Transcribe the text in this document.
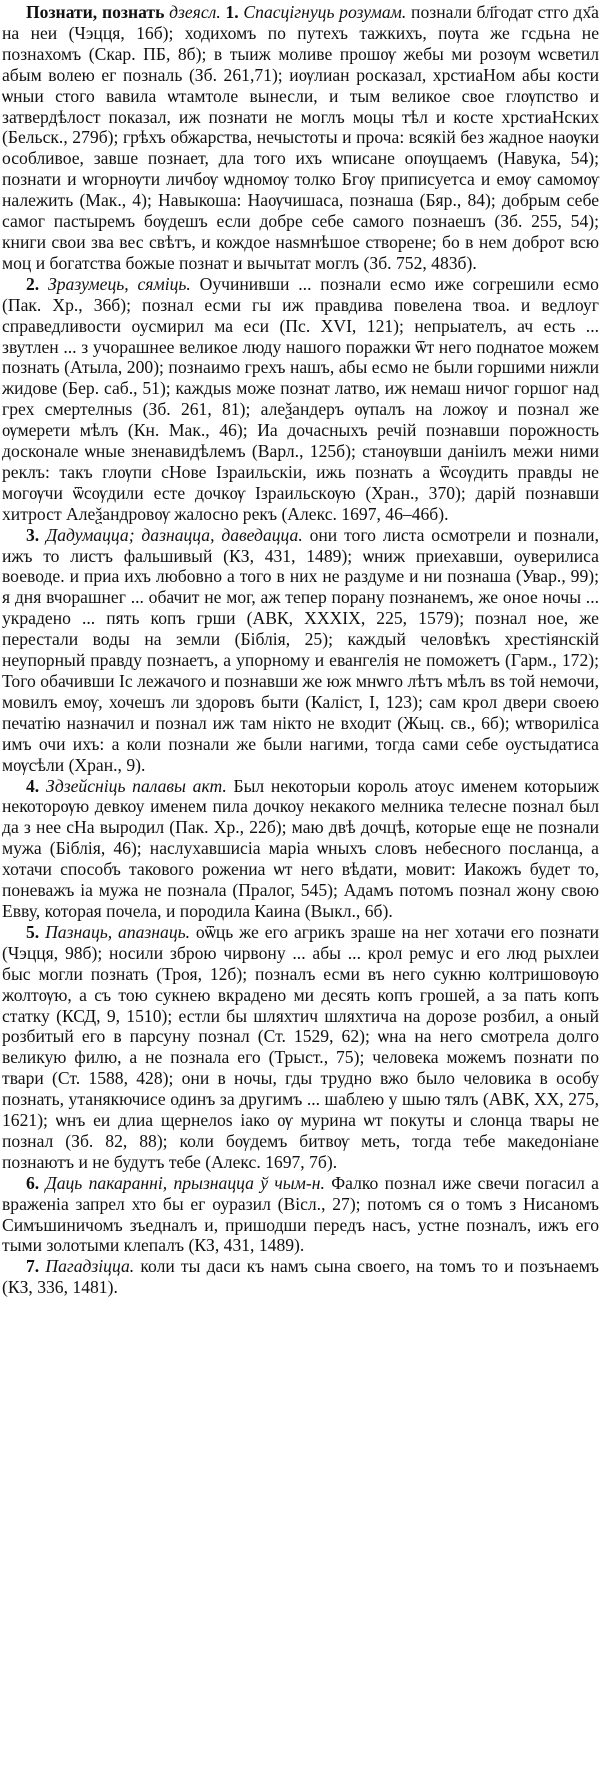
Познати, познать дзеясл. 1. Спасцігнуць розумам. познали бл҃годат стго дх҃а на неи (Чэцця, 16б); ходихомъ по путехъ тажкихъ, пѹта же гсдьна не познахомъ (Скар. ПБ, 8б); в тыиж моливе прошѹ жебы ми розѹм ѡсветил абым волею ег позналь (Зб. 261,71); иѹлиан росказал, хрстиаНом абы кости ѡныи стого вавила ѡтамтоле вынесли, и тым великое свое глѹпство и затвердѣлост показал, иж познати не моглъ моцы тѣл и косте хрстиаНских (Бельск., 279б); грѣхъ обжарства, нечыстоты и проча: всякій без жадное наѹки особливое, завше познает, дла того ихъ ѡписане опѹщаемъ (Навука, 54); познати и ѡгорнѹти личбѹ ѡдномѹ толко Бгѹ приписуетса и емѹ самомѹ належить (Мак., 4); Навыкоша: Наѹчишаса, познаша (Бяр., 84); добрым себе самог пастыремъ бѹдешъ если добре себе самого познаешъ (Зб. 255, 54); книги свои зва вес свѣтъ, и кождое наѕмнѣшое створене; бо в нем доброт всю моц и богатства божые познат и вычытат моглъ (Зб. 752, 483б).

2. Зразумець, сяміць. Оучинивши ... познали есмо иже согрешили есмо (Пак. Хр., 36б); познал есми гы иж правдива повелена твоа. и ведлоуг справедливости оусмирил ма еси (Пс. XVI, 121); непрыателъ, ач есть ... звутлен ... з учорашнее великое люду нашого поражки ѿт него поднатое можем познать (Атыла, 200); познаимо грехъ нашъ, абы есмо не были горшими нижли жидове (Бер. саб., 51); каждыѕ може познат латво, иж немаш ничог горшог над грех смертелныѕ (Зб. 261, 81); алеѯандеръ ѹпалъ на ложѹ и познал же ѹмерети мѣлъ (Кн. Мак., 46); Иа дочасныхъ речій познавши порожность досконале ѡные зненавидѣлемъ (Варл., 125б); станѹвши даніилъ межи ними реклъ: такъ глѹпи сНове Ізраильскіи, ижь познать а ѿсѹдить правды не могѹчи ѿсѹдили есте дочкѹ Ізраильскѹю (Хран., 370); дарій познавши хитрост Алеѯандровѹ жалосно рекъ (Алекс. 1697, 46–46б).

3. Дадумацца; дазнацца, даведацца. они того листа осмотрели и познали, ижъ то листъ фальшивый (КЗ, 431, 1489); ѡниж приехавши, оуверилиса воеводе. и приа ихъ любовно а того в них не раздуме и ни познаша (Увар., 99); я дня вчорашнег ... обачит не мог, аж тепер порану познанемъ, же оное ночы ... украдено ... пять копъ грши (АВК, XXXIX, 225, 1579); познал ное, же перестали воды на земли (Біблія, 25); каждый человѣкъ хрестіянскій неупорный правду познаетъ, а упорному и евангелія не поможетъ (Гарм., 172); Того обачивши Іс лежачого и познавши же юж мнѡго лѣтъ мѣлъ вѕ той немочи, мовилъ емѹ, хочешъ ли здоровъ быти (Каліст, I, 123); сам крол двери своею печатію назначил и познал иж там нікто не входит (Жыц. св., 6б); ѡтвориліса имъ очи ихъ: а коли познали же были нагими, тогда сами себе оустыдатиса мѹсѣли (Хран., 9).

4. Здзейсніць палавы акт. Был некоторыи король атоус именем которыиж некоторѹю девкоу именем пила дочкоу некакого мелника телесне познал был да з нее сНа выродил (Пак. Хр., 22б); маю двѣ дочцѣ, которые еще не познали мужа (Біблія, 46); наслухавшисіа маріа ѡныхъ словъ небесного посланца, а хотачи способъ такового рожениа ѡт него вѣдати, мовит: Иакожъ будет то, поневажъ іа мужа не познала (Пралог, 545); Адамъ потомъ познал жону свою Евву, которая почела, и породила Каина (Выкл., 6б).

5. Пазнаць, апазнаць. оѿць же его агрикъ зраше на нег хотачи его познати (Чэцця, 98б); носили зброю чирвону ... абы ... крол ремус и его люд рыхлеи быс могли познать (Троя, 12б); позналъ есми въ него сукню колтришовѹю жолтѹю, а съ тою сукнею вкрадено ми десять копъ грошей, а за пать копъ статку (КСД, 9, 1510); естли бы шляхтич шляхтича на дорозе розбил, а оный розбитый его в парсуну познал (Ст. 1529, 62); ѡна на него смотрела долго великую филю, а не познала его (Трыст., 75); человека можемъ познати по твари (Ст. 1588, 428); они в ночы, гды трудно вжо было человика в особу познать, утанякючисе одинъ за другимъ ... шаблею у шыю тялъ (АВК, XX, 275, 1621); ѡнъ еи длиа щернелоѕ іако ѹ мурина ѡт покуты и слонца твары не познал (Зб. 82, 88); коли бѹдемъ битвѹ меть, тогда тебе македоніане познаютъ и не будутъ тебе (Алекс. 1697, 7б).

6. Даць пакаранні, прызнацца ў чым-н. Фалко познал иже свечи погасил а враженіа запрел хто бы ег оуразил (Вісл., 27); потомъ ся о томъ з Нисаномъ Симъшиничомъ зъедналъ и, пришодши передъ насъ, устне позналъ, ижъ его тыми золотыми клепалъ (КЗ, 431, 1489).

7. Пагадзіцца. коли ты даси къ намъ сына своего, на томъ то и позънаемъ (КЗ, 336, 1481).
